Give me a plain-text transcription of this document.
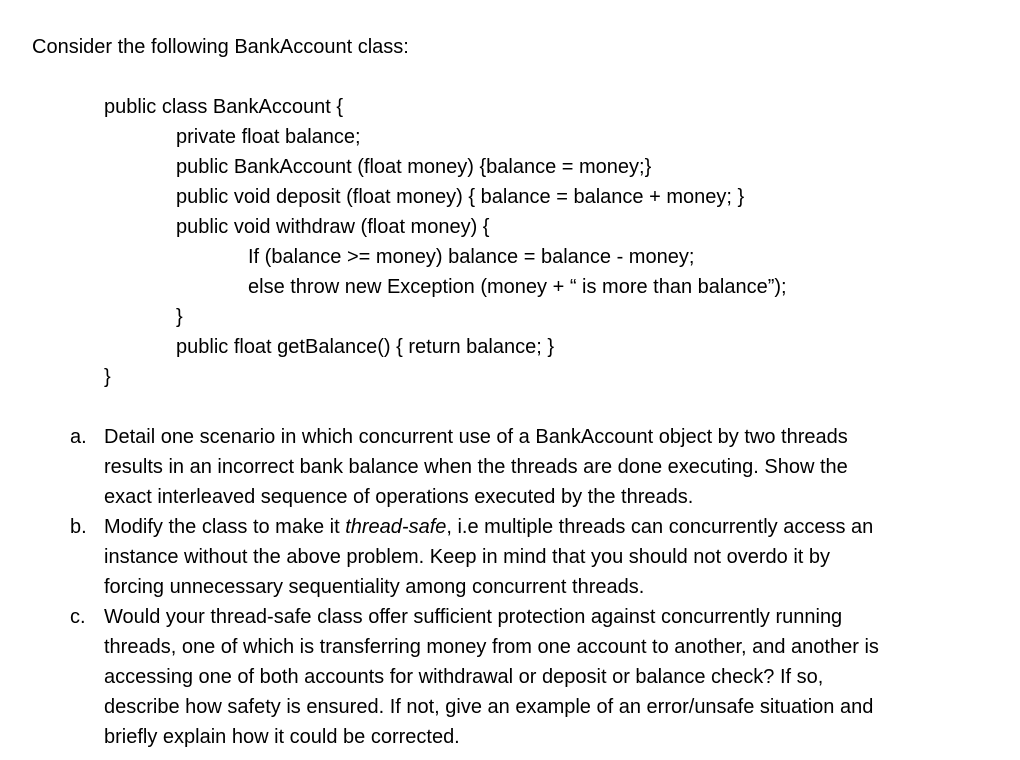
Consider the following BankAccount class:
public class BankAccount {
private float balance;
public BankAccount (float money) {balance = money;}
public void deposit (float money) { balance = balance + money; }
public void withdraw (float money) {
If (balance >= money) balance = balance - money;
else throw new Exception (money + “ is more than balance”);
}
public float getBalance() { return balance; }
}
a. Detail one scenario in which concurrent use of a BankAccount object by two threads
results in an incorrect bank balance when the threads are done executing. Show the
exact interleaved sequence of operations executed by the threads.
b. Modify the class to make it thread-safe, i.e multiple threads can concurrently access an
instance without the above problem. Keep in mind that you should not overdo it by
forcing unnecessary sequentiality among concurrent threads.
c. Would your thread-safe class offer sufficient protection against concurrently running
threads, one of which is transferring money from one account to another, and another is
accessing one of both accounts for withdrawal or deposit or balance check? If so,
describe how safety is ensured. If not, give an example of an error/unsafe situation and
briefly explain how it could be corrected.
